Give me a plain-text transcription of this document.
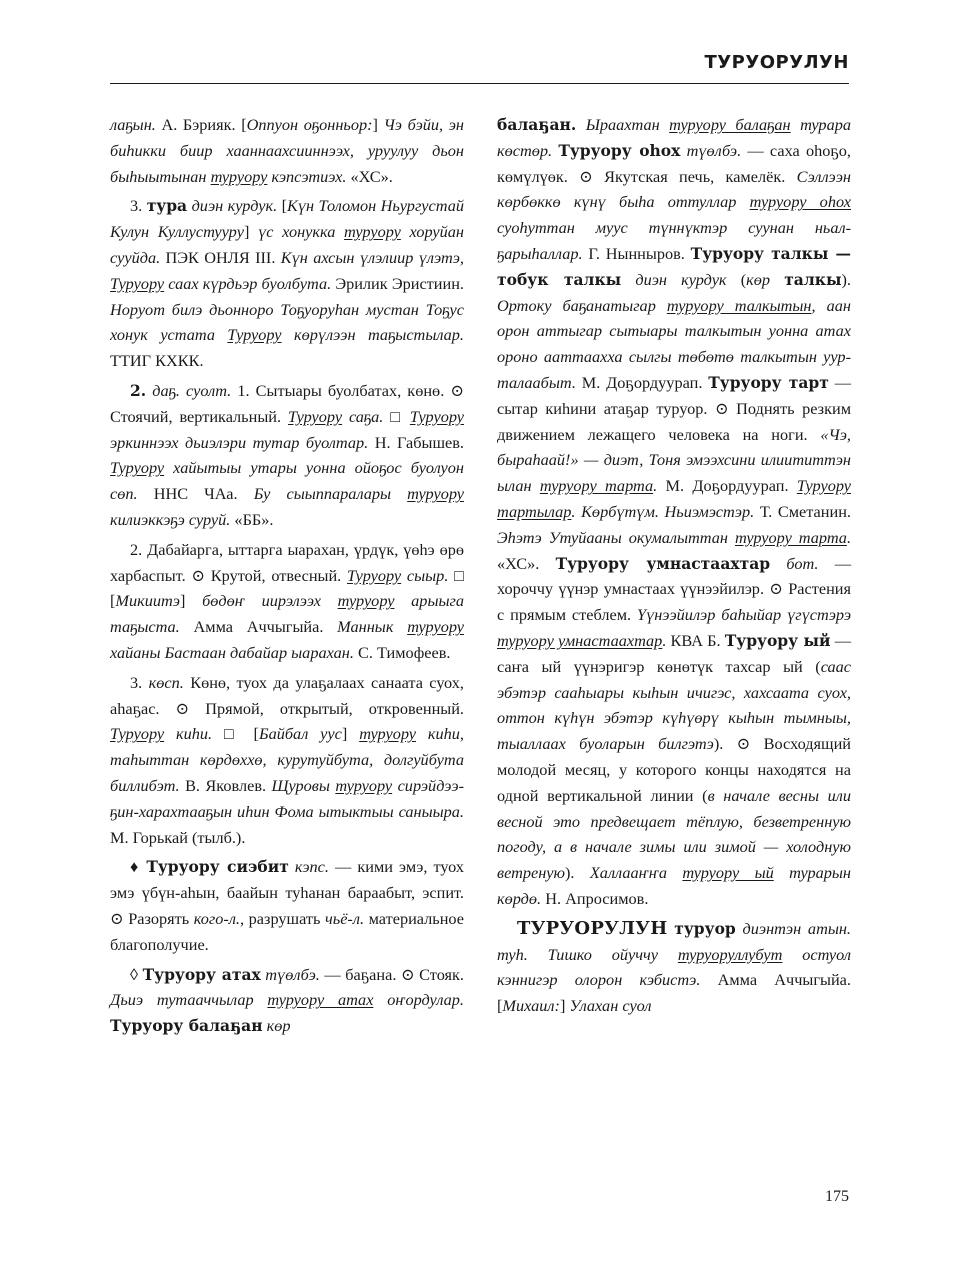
ТУРУОРУЛУН

лаҕын. А. Бэрияк. [Оппуон оҕонньор:] Чэ бэйи, эн биһикки биир хааннаахсииннээх, уруулуу дьон быһыытынан туруору кэпсэтиэх. «ХС».

3. тура диэн курдук. [Күн Толомон Ньургустай Кулун Куллустуурy] үс хонукка туруору хоруйан сууйда. ПЭК ОНЛЯ III. Күн ахсын үлэлиир үлэтэ, Туруору саах күрдьэр буолбута. Эрилик Эристиин. Норуот билэ дьонноро Тоҕуоруһан мустан Тоҕус хонук устата Туруору көрүлээн таҕыстылар. ТТИГ КХКК.

2. даҕ. суолт. 1. Сытыары буолбатах, көнө. ⊙ Стоячий, вертикальный. Туруору саҕа. □ Туруору эркиннээх дьиэлэри тутар буолтар. Н. Габышев. Туруору хайытыы утары уонна ойоҕос буолуон сөп. ННС ЧАа. Бу сыыппаралары туруору килиэккэҕэ суруй. «ББ».

2. Дабайарга, ыттарга ыарахан, үрдүк, үөһэ өрө харбаспыт. ⊙ Крутой, отвесный. Туруору сыыр. □ [Микиитэ] бөдөҥ иирэлээх туруору арыыга таҕыста. Амма Аччыгыйа. Маннык туруору хайаны Бастаан дабайар ыарахан. С. Тимофеев.

3. көсп. Көнө, туох да улаҕалаах санаата суох, аһаҕас. ⊙ Прямой, открытый, откровенный. Туруору киһи. □ [Байбал уус] туруору киһи, таһыттан көрдөххө, курутуйбута, долгуйбута биллибэт. В. Яковлев. Щуровы туруору сирэйдээҕин-харахтааҕын иһин Фома ытыктыы саныыра. М. Горькай (тылб.).

♦ Туруору сиэбит кэпс. — кими эмэ, туох эмэ үбүн-аһын, баайын туһанан бараабыт, эспит. ⊙ Разорять кого-л., разрушать чьё-л. материальное благополучие.

◊ Туруору атах түөлбэ. — баҕана. ⊙ Стояк. Дьиэ тутааччылар туруору атах оҥордулар. Туруору балаҕан көр

балаҕан. Ыраахтан туруору балаҕан турара көстөр. Туруору оһох түөлбэ. — саха оһоҕо, көмүлүөк. ⊙ Якутская печь, камелёк. Сэллээн көрбөккө күнү быһа оттуллар туруору оһох суоһуттан муус түннүктэр суунан ньалҕарыһаллар. Г. Нынныров. Туруору талкы — тобук талкы диэн курдук (көр талкы). Ортоку баҕанатыгар туруору талкытын, аан орон аттыгар сытыары талкытын уонна атах ороно ааттаахха сылгы төбөтө талкытын уурталаабыт. М. Доҕордуурап. Туруору тарт — сытар киһини атаҕар туруор. ⊙ Поднять резким движением лежащего человека на ноги. «Чэ, быраһаай!» — диэт, Тоня эмээхсини илиититтэн ылан туруору тарта. М. Доҕордуурап. Туруору тартылар. Көрбүтүм. Ньиэмэстэр. Т. Сметанин. Эһэтэ Утуйааны окумалыттан туруору тарта. «ХС». Туруору умнастаахтар бот. — хороччу үүнэр умнастаах үүнээйилэр. ⊙ Растения с прямым стеблем. Үүнээйилэр баһыйар үгүстэрэ туруору умнастаахтар. КВА Б. Туруору ый — саҥа ый үүнэригэр көнөтүк тахсар ый (саас эбэтэр сааһыары кыһын ичигэс, хахсаата суох, оттон күһүн эбэтэр күһүөрү кыһын тымныы, тыаллаах буоларын билгэтэ). ⊙ Восходящий молодой месяц, у которого концы находятся на одной вертикальной линии (в начале весны или весной это предвещает тёплую, безветренную погоду, а в начале зимы или зимой — холодную ветреную). Халлааҥҥа туруору ый турарын көрдө. Н. Апросимов.

ТУРУОРУЛУН туруор диэнтэн атын. туһ. Тишко ойуччу туруоруллубут остуол кэннигэр олорон кэбистэ. Амма Аччыгыйа. [Михаил:] Улахан суол

175
